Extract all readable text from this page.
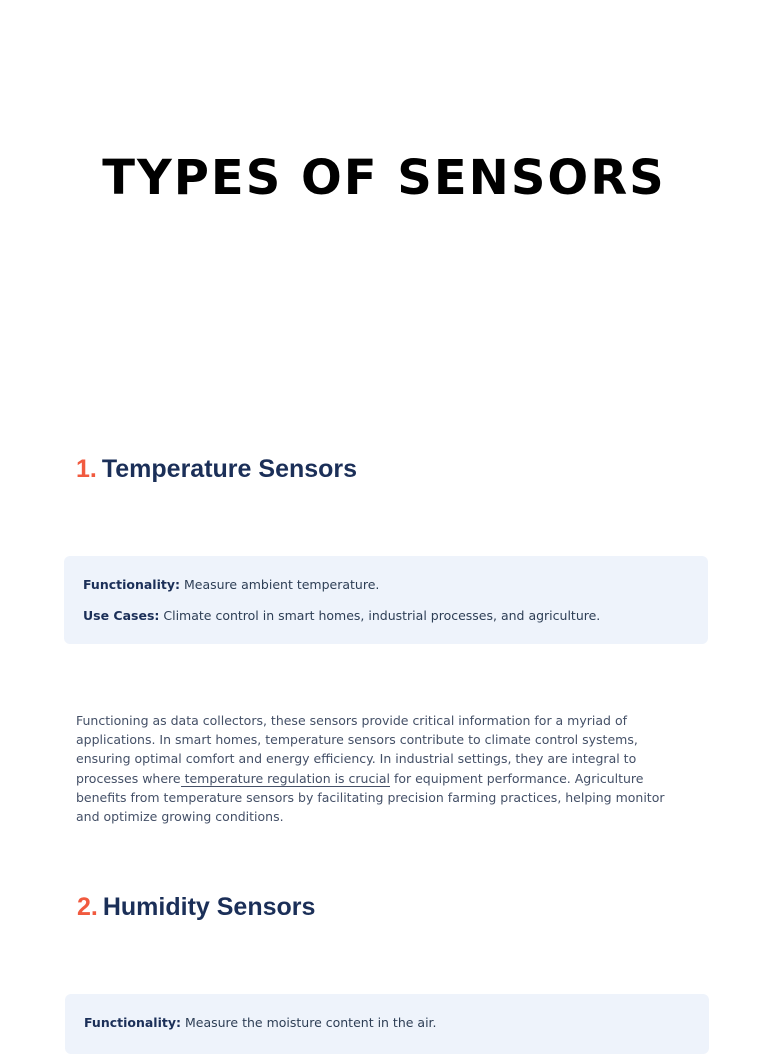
TYPES OF SENSORS
1. Temperature Sensors

Functionality: Measure ambient temperature.

Use Cases: Climate control in smart homes, industrial processes, and agriculture.

Functioning as data collectors, these sensors provide critical information for a myriad of applications. In smart homes, temperature sensors contribute to climate control systems, ensuring optimal comfort and energy efficiency. In industrial settings, they are integral to processes where temperature regulation is crucial for equipment performance. Agriculture benefits from temperature sensors by facilitating precision farming practices, helping monitor and optimize growing conditions.

2. Humidity Sensors

Functionality: Measure the moisture content in the air.
